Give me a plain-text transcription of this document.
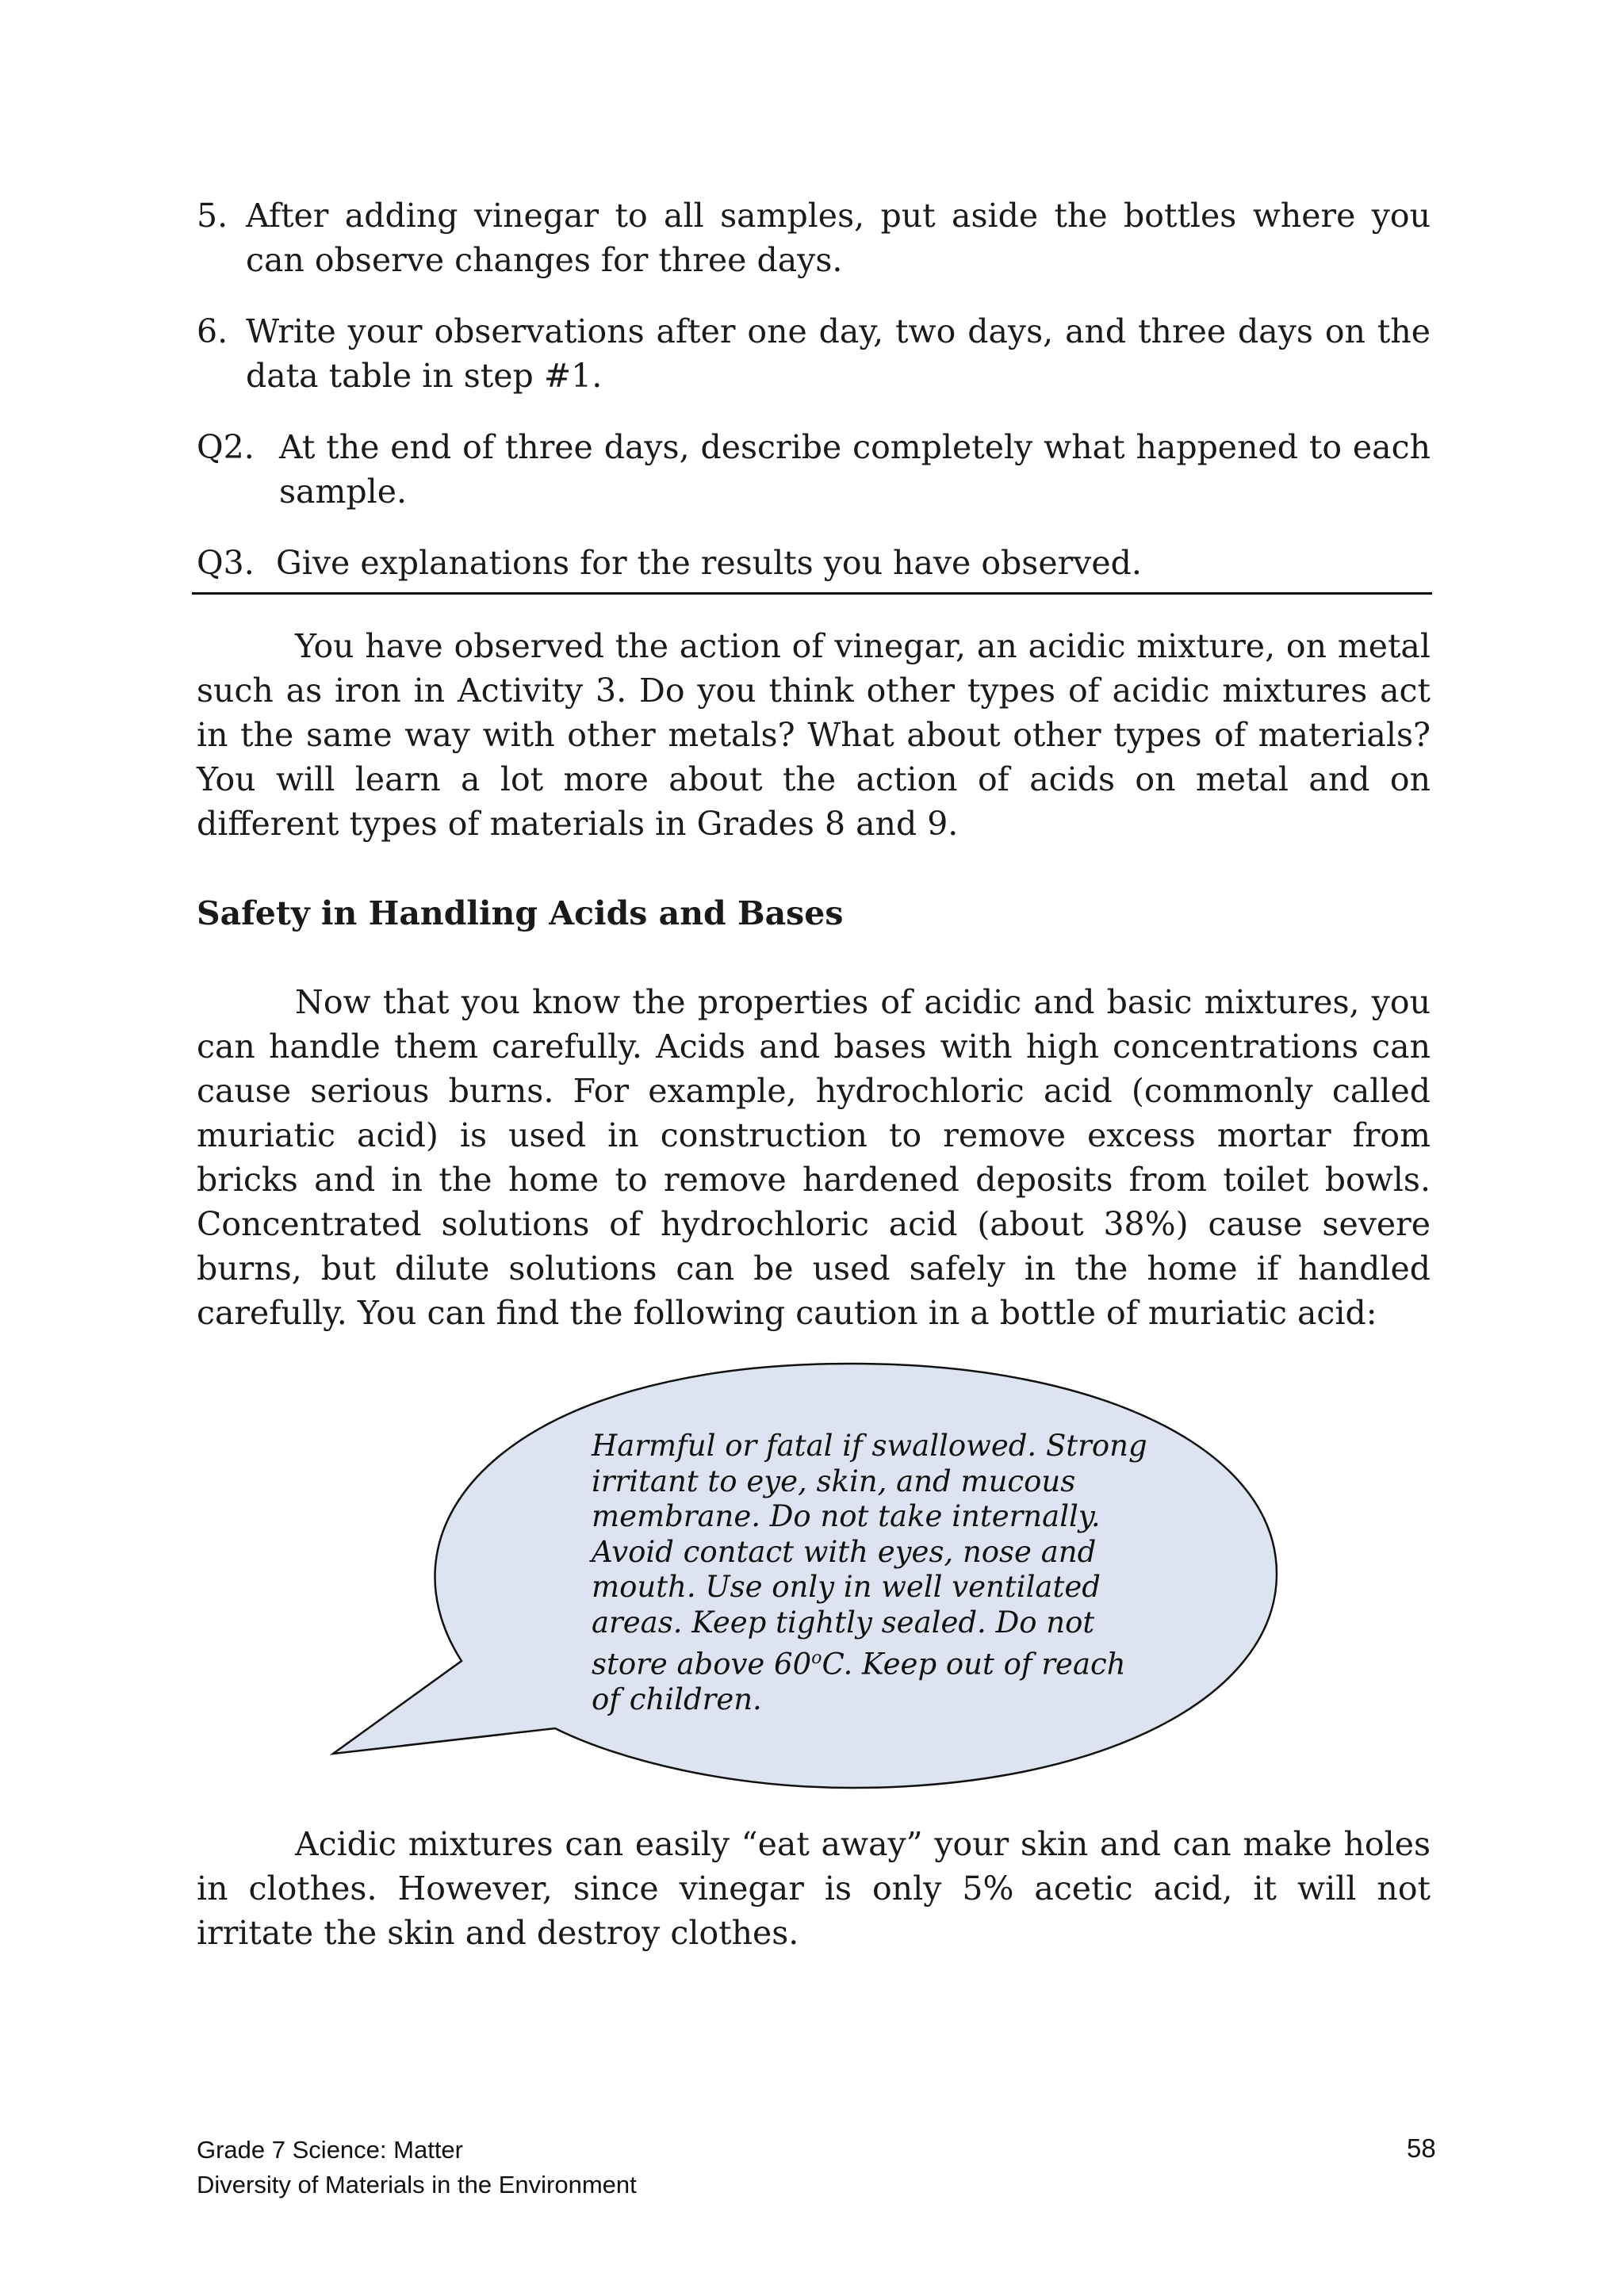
5. After adding vinegar to all samples, put aside the bottles where you can observe changes for three days.
6. Write your observations after one day, two days, and three days on the data table in step #1.
Q2. At the end of three days, describe completely what happened to each sample.
Q3. Give explanations for the results you have observed.

You have observed the action of vinegar, an acidic mixture, on metal such as iron in Activity 3. Do you think other types of acidic mixtures act in the same way with other metals? What about other types of materials? You will learn a lot more about the action of acids on metal and on different types of materials in Grades 8 and 9.

Safety in Handling Acids and Bases

Now that you know the properties of acidic and basic mixtures, you can handle them carefully. Acids and bases with high concentrations can cause serious burns. For example, hydrochloric acid (commonly called muriatic acid) is used in construction to remove excess mortar from bricks and in the home to remove hardened deposits from toilet bowls. Concentrated solutions of hydrochloric acid (about 38%) cause severe burns, but dilute solutions can be used safely in the home if handled carefully. You can find the following caution in a bottle of muriatic acid:

Harmful or fatal if swallowed. Strong irritant to eye, skin, and mucous membrane. Do not take internally. Avoid contact with eyes, nose and mouth. Use only in well ventilated areas. Keep tightly sealed. Do not store above 60$^o$C. Keep out of reach of children.

Acidic mixtures can easily “eat away” your skin and can make holes in clothes. However, since vinegar is only 5% acetic acid, it will not irritate the skin and destroy clothes.

Grade 7 Science: Matter
Diversity of Materials in the Environment
58
